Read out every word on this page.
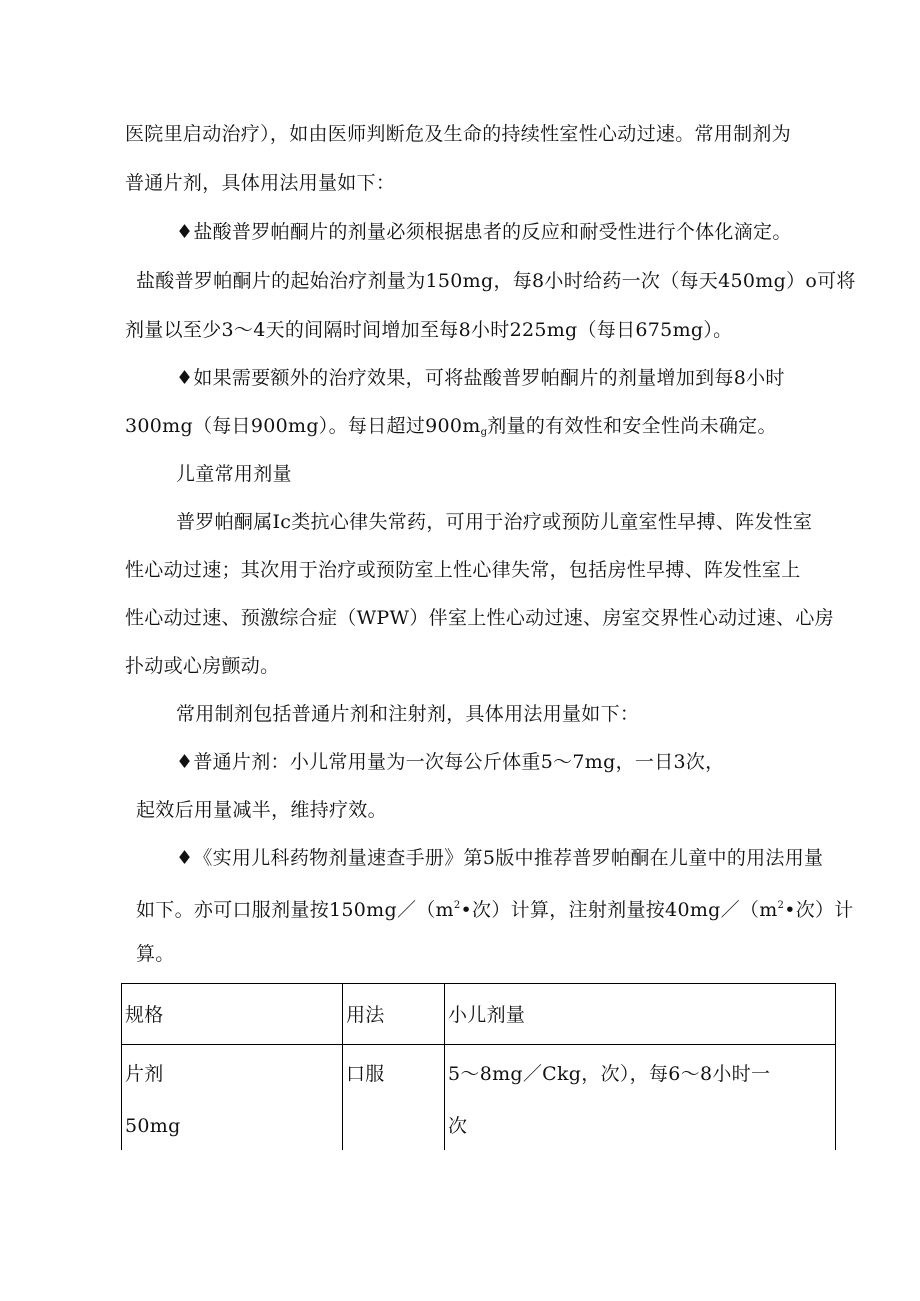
医院里启动治疗），如由医师判断危及生命的持续性室性心动过速。常用制剂为
普通片剂，具体用法用量如下：
♦盐酸普罗帕酮片的剂量必须根据患者的反应和耐受性进行个体化滴定。
盐酸普罗帕酮片的起始治疗剂量为150mg，每8小时给药一次（每天450mg）o可将
剂量以至少3～4天的间隔时间增加至每8小时225mg（每日675mg）。
♦如果需要额外的治疗效果，可将盐酸普罗帕酮片的剂量增加到每8小时
300mg（每日900mg）。每日超过$900m_g$剂量的有效性和安全性尚未确定。
儿童常用剂量
普罗帕酮属Ic类抗心律失常药，可用于治疗或预防儿童室性早搏、阵发性室
性心动过速；其次用于治疗或预防室上性心律失常，包括房性早搏、阵发性室上
性心动过速、预激综合症（WPW）伴室上性心动过速、房室交界性心动过速、心房
扑动或心房颤动。
常用制剂包括普通片剂和注射剂，具体用法用量如下：
♦普通片剂：小儿常用量为一次每公斤体重5～7mg，一日3次，
起效后用量减半，维持疗效。
♦《实用儿科药物剂量速查手册》第5版中推荐普罗帕酮在儿童中的用法用量
如下。亦可口服剂量按$150mg/(m^2•$次）计算，注射剂量按$40mg/(m^2•$次）计
算。
规格	用法	小儿剂量
片剂
50mg
口服	5～8mg／Ckg，次），每6～8小时一
次
